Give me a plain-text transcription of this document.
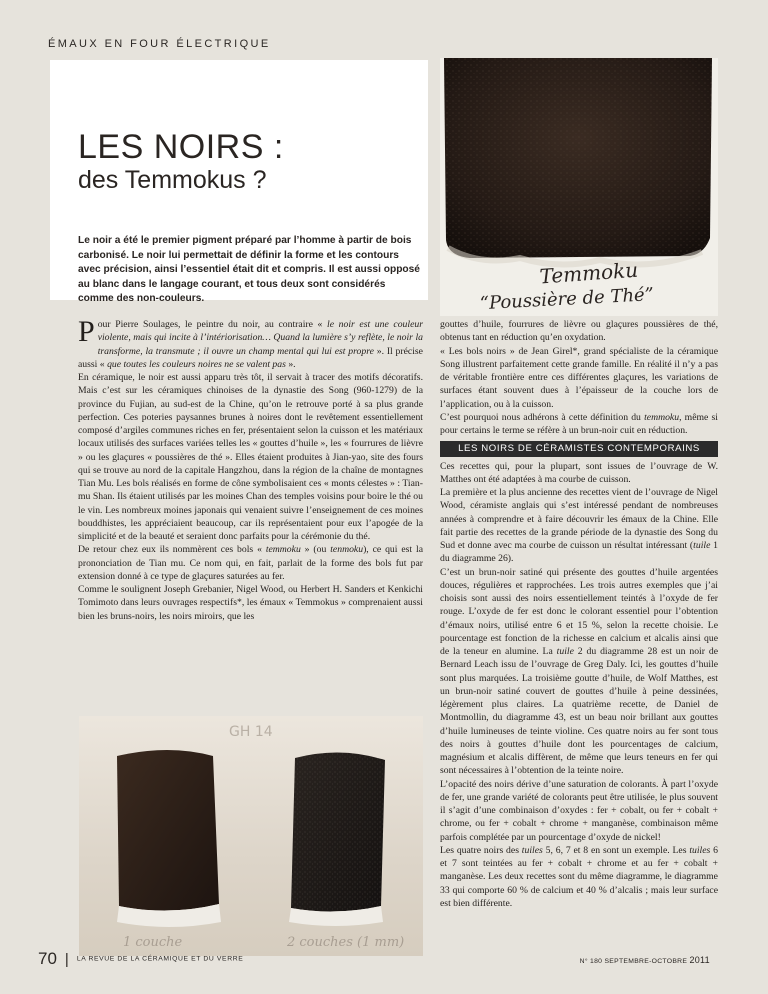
ÉMAUX EN FOUR ÉLECTRIQUE
LES NOIRS :
des Temmokus ?

Le noir a été le premier pigment préparé par l’homme à partir de bois carbonisé. Le noir lui permettait de définir la forme et les contours avec précision, ainsi l’essentiel était dit et compris. Il est aussi opposé au blanc dans le langage courant, et tous deux sont considérés comme des non-couleurs.

Temmoku
“Poussière de Thé”

Pour Pierre Soulages, le peintre du noir, au contraire « le noir est une couleur violente, mais qui incite à l’intériorisation… Quand la lumière s’y reflète, le noir la transforme, la transmute ; il ouvre un champ mental qui lui est propre ». Il précise aussi « que toutes les couleurs noires ne se valent pas ».

En céramique, le noir est aussi apparu très tôt, il servait à tracer des motifs décoratifs. Mais c’est sur les céramiques chinoises de la dynastie des Song (960-1279) de la province du Fujian, au sud-est de la Chine, qu’on le retrouve porté à sa plus grande perfection. Ces poteries paysannes brunes à noires dont le revêtement essentiellement composé d’argiles communes riches en fer, présentaient selon la cuisson et les matériaux locaux utilisés des surfaces variées telles les « gouttes d’huile », les « fourrures de lièvre » ou les glaçures « poussières de thé ». Elles étaient produites à Jian-yao, site des fours qui se trouve au nord de la capitale Hangzhou, dans la région de la chaîne de montagnes Tian Mu. Les bols réalisés en forme de cône symbolisaient ces « monts célestes » : Tian-mu Shan. Ils étaient utilisés par les moines Chan des temples voisins pour boire le thé ou le vin. Les nombreux moines japonais qui venaient suivre l’enseignement de ces moines bouddhistes, les appréciaient beaucoup, car ils représentaient pour eux l’apogée de la simplicité et de la beauté et seraient donc parfaits pour la cérémonie du thé.

De retour chez eux ils nommèrent ces bols « temmoku » (ou tenmoku), ce qui est la prononciation de Tian mu. Ce nom qui, en fait, parlait de la forme des bols fut par extension donné à ce type de glaçures saturées au fer.

Comme le soulignent Joseph Grebanier, Nigel Wood, ou Herbert H. Sanders et Kenkichi Tomimoto dans leurs ouvrages respectifs*, les émaux « Temmokus » comprenaient aussi bien les bruns-noirs, les noirs miroirs, que les

GH 14
1 couche	2 couches (1 mm)

gouttes d’huile, fourrures de lièvre ou glaçures poussières de thé, obtenus tant en réduction qu’en oxydation.

« Les bols noirs » de Jean Girel*, grand spécialiste de la céramique Song illustrent parfaitement cette grande famille. En réalité il n’y a pas de véritable frontière entre ces différentes glaçures, les variations de surfaces étant souvent dues à l’épaisseur de la couche lors de l’application, ou à la cuisson.

C’est pourquoi nous adhérons à cette définition du temmoku, même si pour certains le terme se réfère à un brun-noir cuit en réduction.

LES NOIRS DE CÉRAMISTES CONTEMPORAINS

Ces recettes qui, pour la plupart, sont issues de l’ouvrage de W. Matthes ont été adaptées à ma courbe de cuisson.

La première et la plus ancienne des recettes vient de l’ouvrage de Nigel Wood, céramiste anglais qui s’est intéressé pendant de nombreuses années à comprendre et à faire découvrir les émaux de la Chine. Elle fait partie des recettes de la grande période de la dynastie des Song du Sud et donne avec ma courbe de cuisson un résultat intéressant (tuile 1 du diagramme 26).

C’est un brun-noir satiné qui présente des gouttes d’huile argentées douces, régulières et rapprochées. Les trois autres exemples que j’ai choisis sont aussi des noirs essentiellement teintés à l’oxyde de fer rouge. L’oxyde de fer est donc le colorant essentiel pour l’obtention d’émaux noirs, utilisé entre 6 et 15 %, selon la recette choisie. Le pourcentage est fonction de la richesse en calcium et alcalis ainsi que de la teneur en alumine. La tuile 2 du diagramme 28 est un noir de Bernard Leach issu de l’ouvrage de Greg Daly. Ici, les gouttes d’huile sont plus marquées. La troisième goutte d’huile, de Wolf Matthes, est un brun-noir satiné couvert de gouttes d’huile à peine dessinées, légèrement plus claires. La quatrième recette, de Daniel de Montmollin, du diagramme 43, est un beau noir brillant aux gouttes d’huile lumineuses de teinte violine. Ces quatre noirs au fer sont tous des noirs à gouttes d’huile dont les pourcentages de calcium, magnésium et alcalis diffèrent, de même que leurs teneurs en fer qui sont nécessaires à l’obtention de la teinte noire.

L’opacité des noirs dérive d’une saturation de colorants. À part l’oxyde de fer, une grande variété de colorants peut être utilisée, le plus souvent il s’agit d’une combinaison d’oxydes : fer + cobalt, ou fer + cobalt + chrome, ou fer + cobalt + chrome + manganèse, combinaison même parfois complétée par un pourcentage d’oxyde de nickel!

Les quatre noirs des tuiles 5, 6, 7 et 8 en sont un exemple. Les tuiles 6 et 7 sont teintées au fer + cobalt + chrome et au fer + cobalt + manganèse. Les deux recettes sont du même diagramme, le diagramme 33 qui comporte 60 % de calcium et 40 % d’alcalis ; mais leur surface est bien différente.

70 | LA REVUE DE LA CÉRAMIQUE ET DU VERRE	N° 180 SEPTEMBRE-OCTOBRE 2011
